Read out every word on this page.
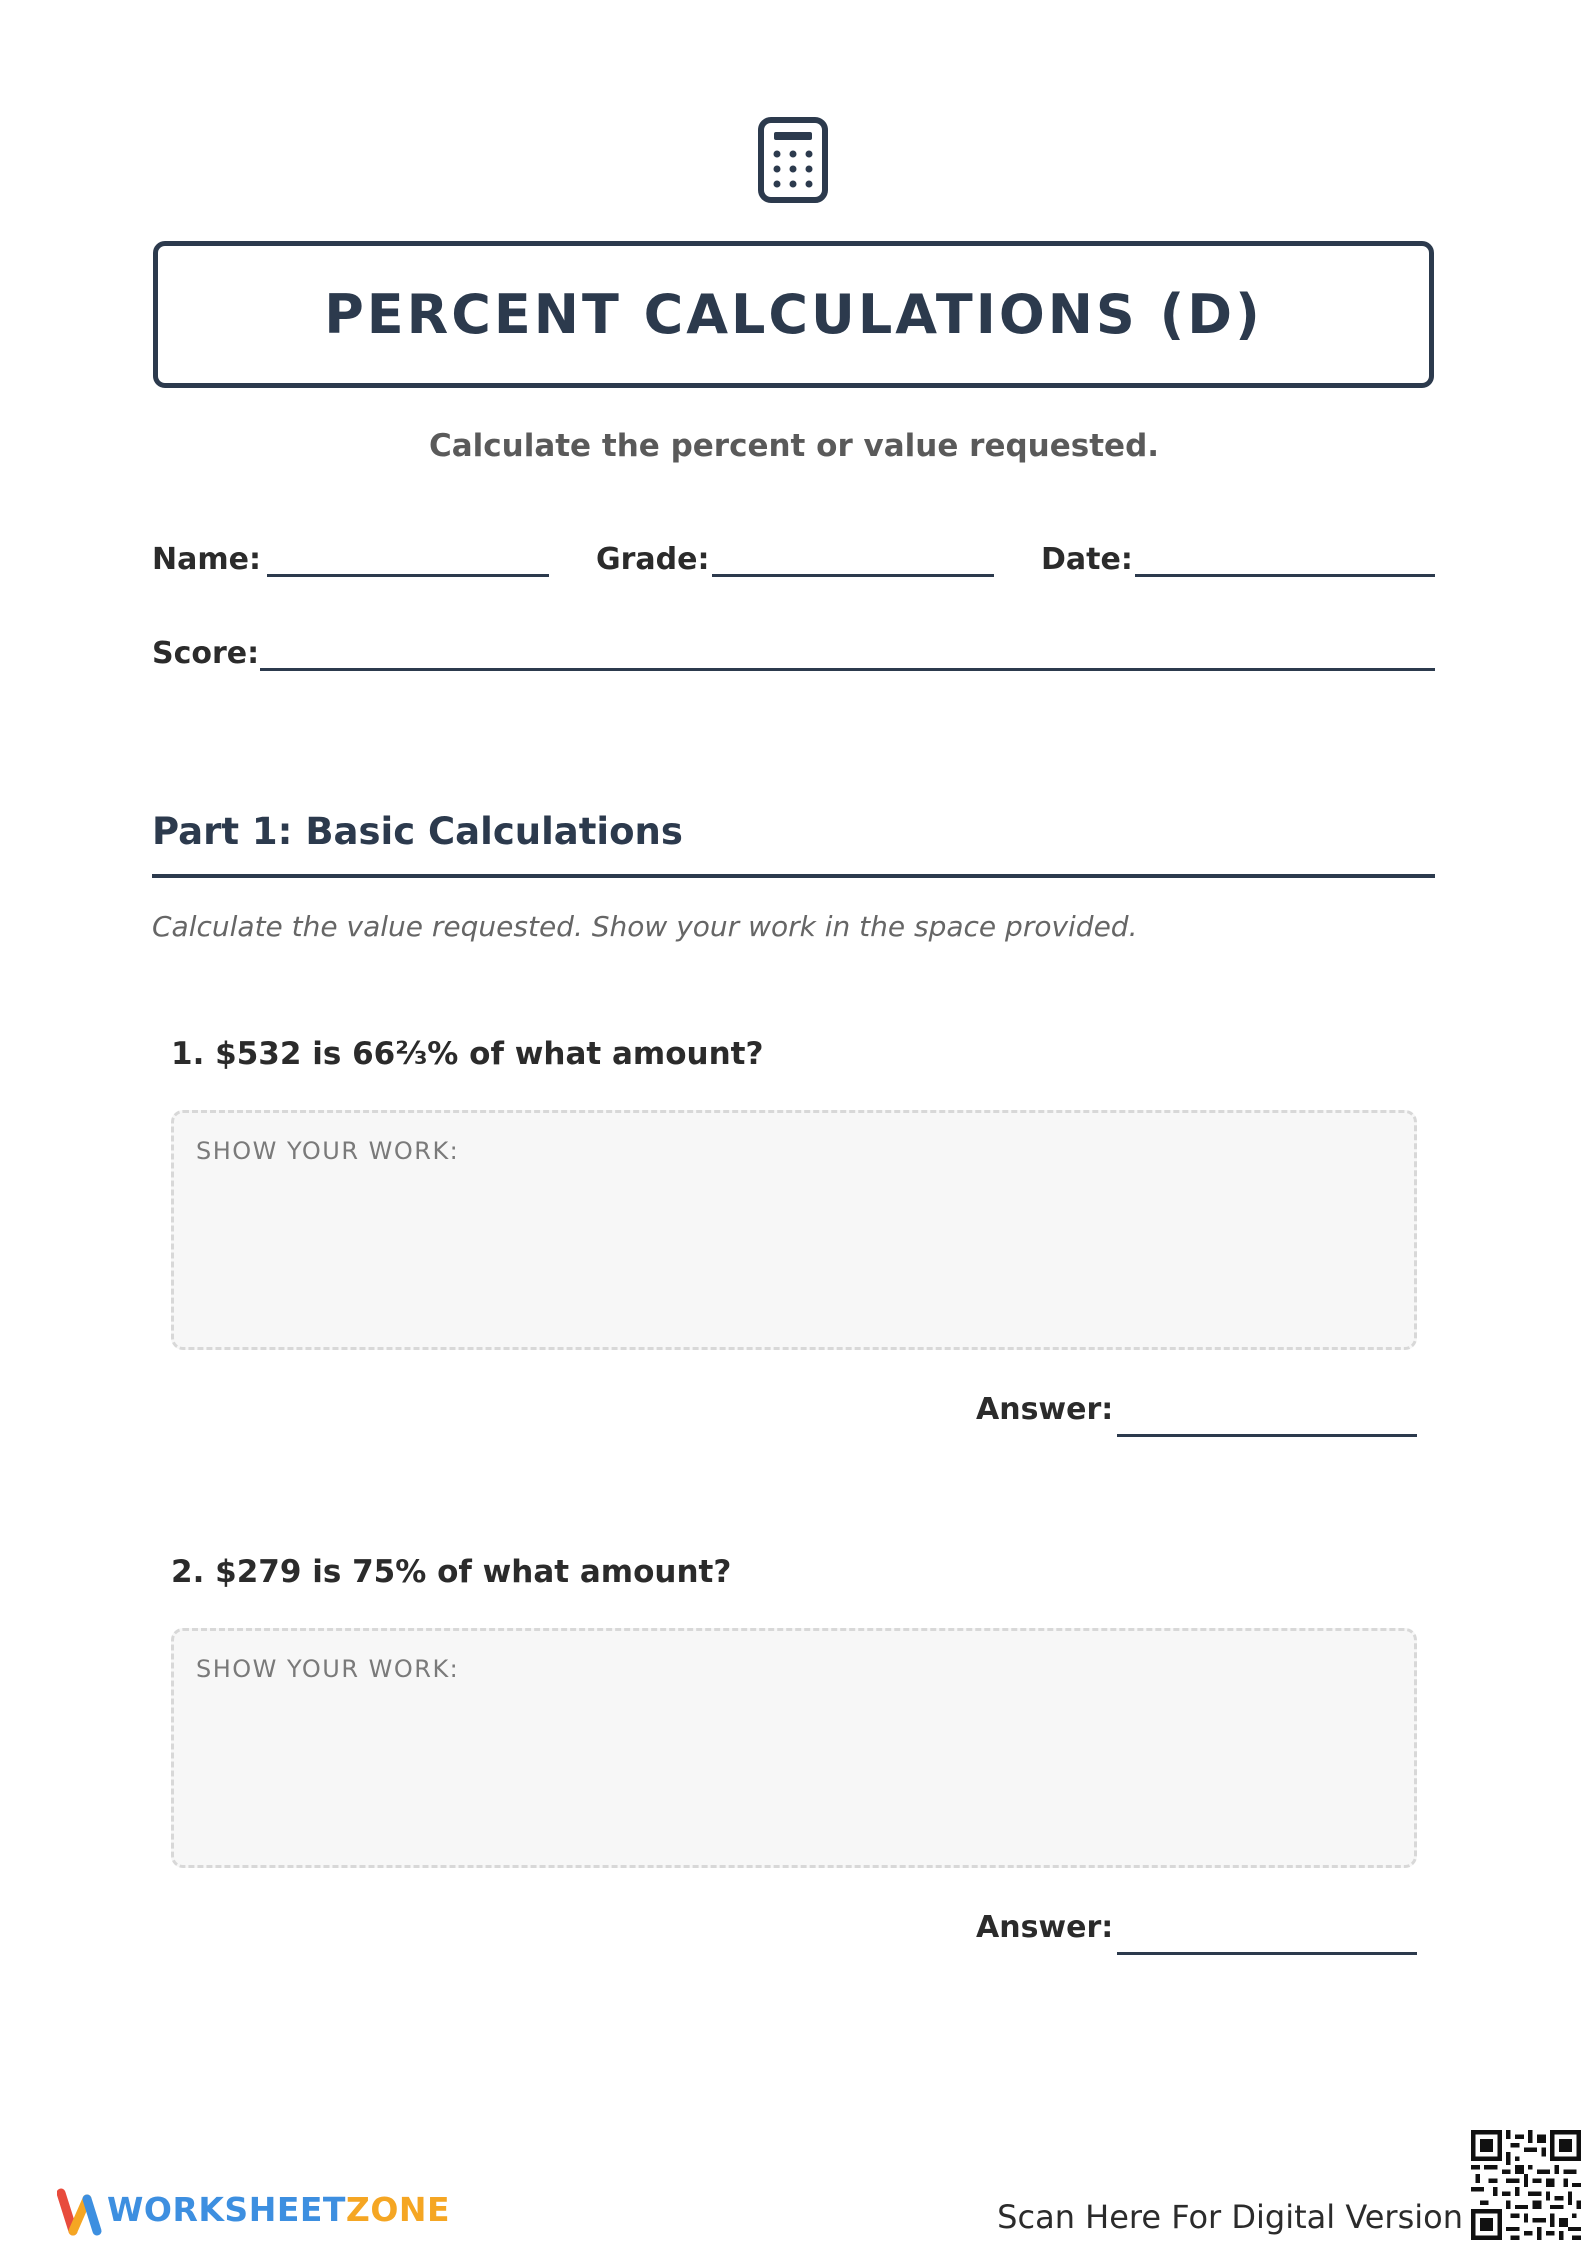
PERCENT CALCULATIONS (D)
Calculate the percent or value requested.
Name:	Grade:	Date:
Score:
Part 1: Basic Calculations
Calculate the value requested. Show your work in the space provided.
1. $532 is 66⅔% of what amount?
SHOW YOUR WORK:
Answer:
2. $279 is 75% of what amount?
SHOW YOUR WORK:
Answer:
WORKSHEETZONE	Scan Here For Digital Version
